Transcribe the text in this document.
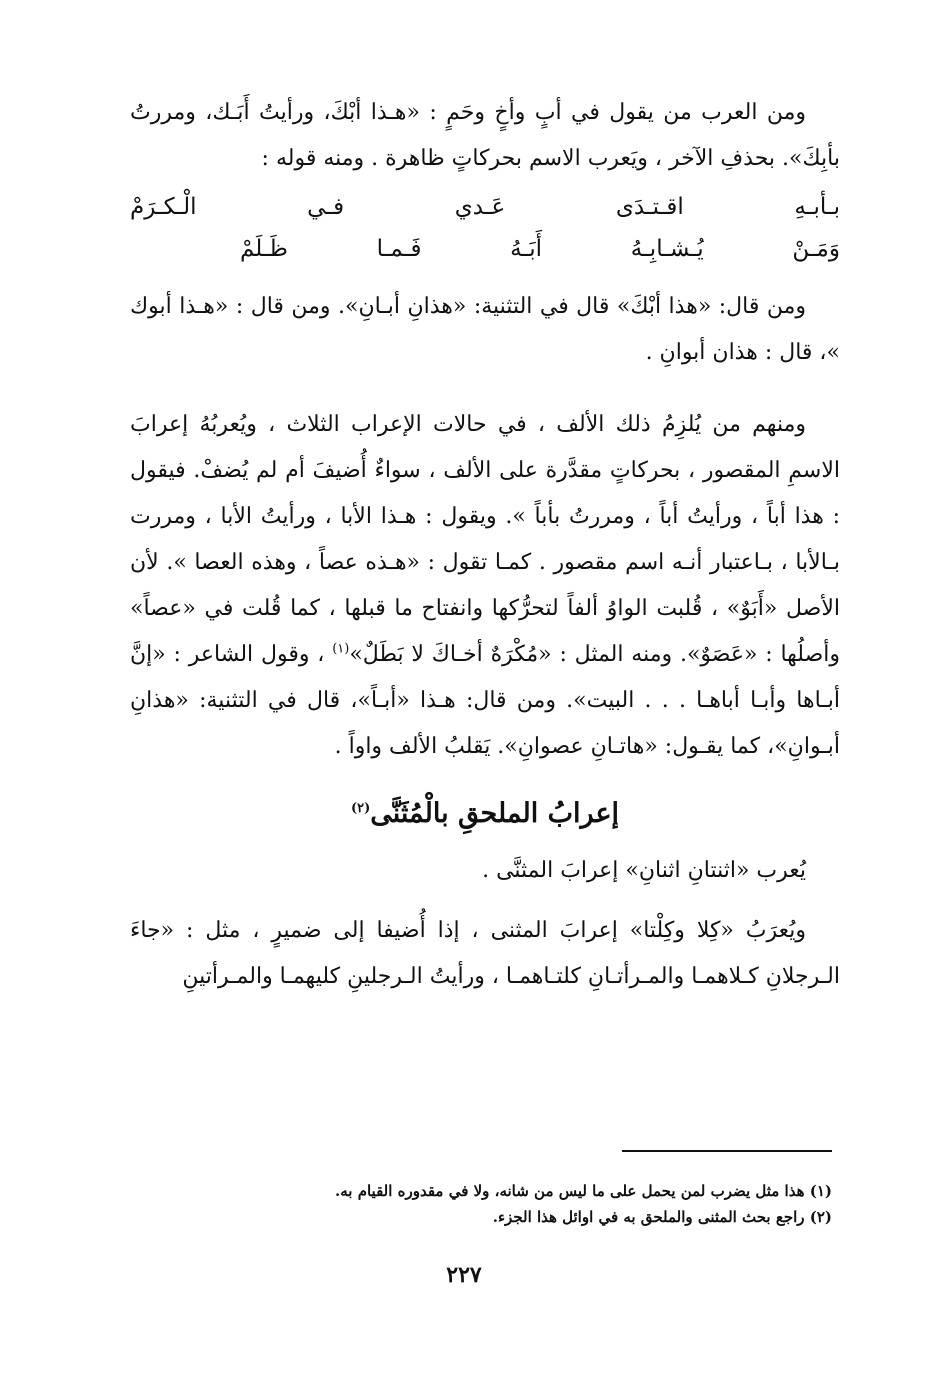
ومن العرب من يقول في أبٍ وأخٍ وحَمٍ : «هـذا أبْكَ، ورأيتُ أَبَـك، ومررتُ بأبِكَ». بحذفِ الآخر ، ويَعرب الاسم بحركاتٍ ظاهرة . ومنه قوله :

بـأبـهِ
اقـتـدَى
عَـدي
فـي
الْـكـرَمْ
وَمَـنْ
يُـشـابِـهُ
أَبَـهُ
فَـمـا
ظَـلَمْ

ومن قال: «هذا أبْكَ» قال في التثنية: «هذانِ أبـانِ». ومن قال : «هـذا أبوك »، قال : هذان أبوانِ .

ومنهم من يُلزِمُ ذلك الألف ، في حالات الإعراب الثلاث ، ويُعربُهُ إعرابَ الاسمِ المقصور ، بحركاتٍ مقدَّرة على الألف ، سواءٌ أُضيفَ أم لم يُضفْ. فيقول : هذا أباً ، ورأيتُ أباً ، ومررتُ بأباً ». ويقول : هـذا الأبا ، ورأيتُ الأبا ، ومررت بـالأبا ، بـاعتبار أنـه اسم مقصور . كمـا تقول : «هـذه عصاً ، وهذه العصا ». لأن الأصل «أَبَوٌ» ، قُلبت الواوُ ألفاً لتحرُّكها وانفتاح ما قبلها ، كما قُلت في «عصاً» وأصلُها : «عَصَوٌ». ومنه المثل : «مُكْرَهٌ أخـاكَ لا بَطَلٌ»$^{(١)}$ ، وقول الشاعر : «إنَّ أبـاها وأبـا أباهـا . . . البيت». ومن قال: هـذا «أبـاً»، قال في التثنية: «هذانِ أبـوانِ»، كما يقـول: «هاتـانِ عصوانِ». يَقلبُ الألف واواً .

إعرابُ الملحقِ بالْمُثَنَّى$^{(٢)}$

يُعرب «اثنتانِ اثنانِ» إعرابَ المثنَّى .

ويُعرَبُ «كِلا وكِلْتا» إعرابَ المثنى ، إذا أُضيفا إلى ضميرٍ ، مثل : «جاءَ الـرجلانِ كـلاهمـا والمـرأتـانِ كلتـاهمـا ، ورأيتُ الـرجلينِ كليهمـا والمـرأتينِ

(١) هذا مثل يضرب لمن يحمل على ما ليس من شانه، ولا في مقدوره القيام به.

(٢) راجع بحث المثنى والملحق به في اوائل هذا الجزء.

٢٢٧
